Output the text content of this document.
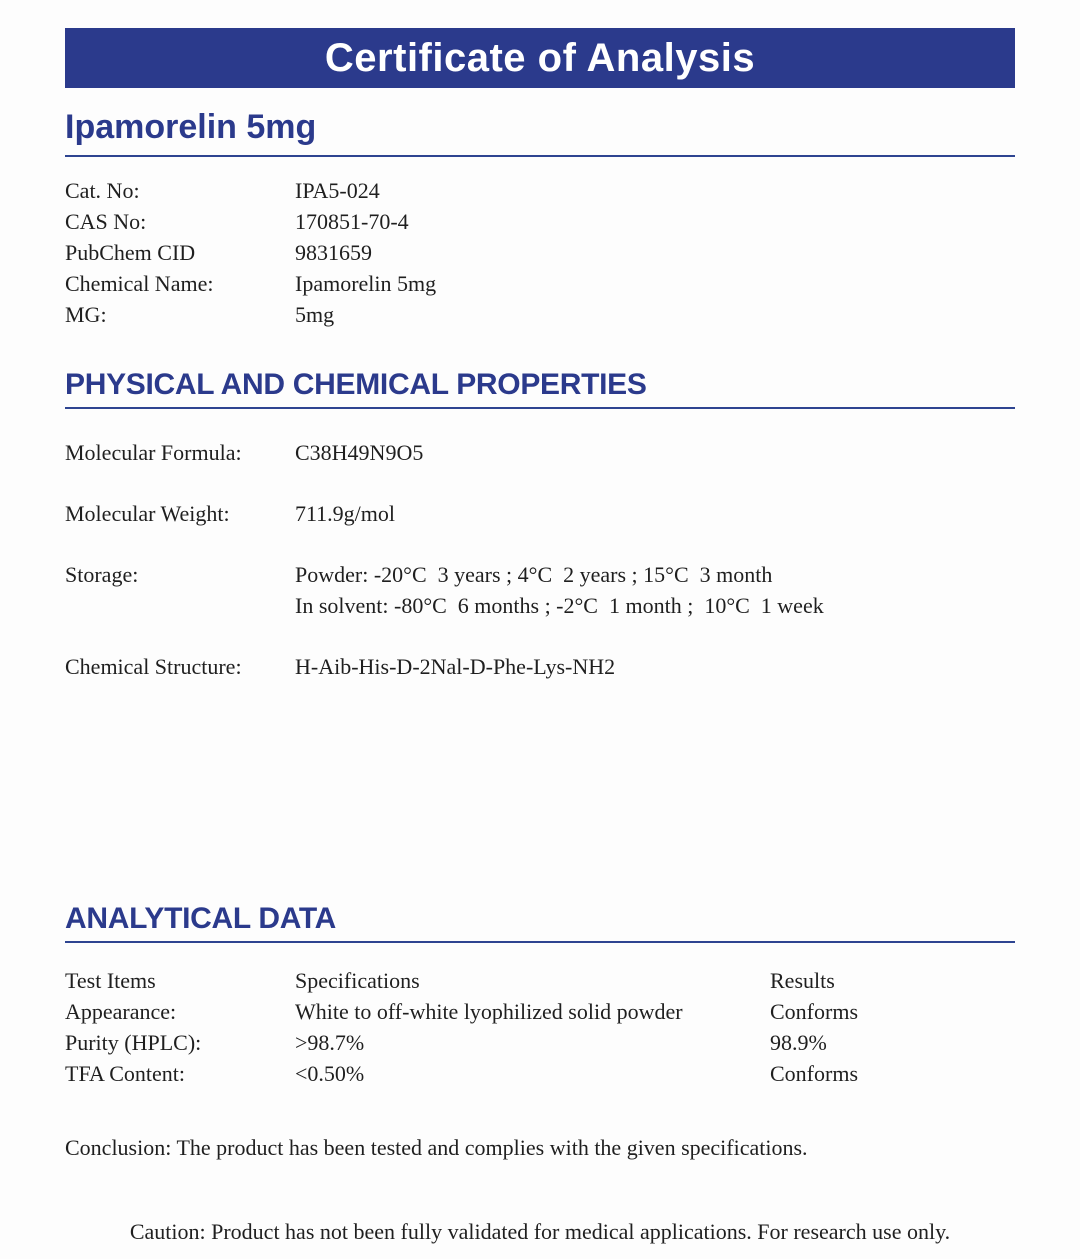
Certificate of Analysis
Ipamorelin 5mg
Cat. No:	IPA5-024
CAS No:	170851-70-4
PubChem CID	9831659
Chemical Name:	Ipamorelin 5mg
MG:	5mg
PHYSICAL AND CHEMICAL PROPERTIES
Molecular Formula:	C38H49N9O5
Molecular Weight:	711.9g/mol
Storage:	Powder: -20°C  3 years ; 4°C  2 years ; 15°C  3 month
In solvent: -80°C  6 months ; -2°C  1 month ;  10°C  1 week
Chemical Structure:	H-Aib-His-D-2Nal-D-Phe-Lys-NH2
ANALYTICAL DATA
Test Items	Specifications	Results
Appearance:	White to off-white lyophilized solid powder	Conforms
Purity (HPLC):	>98.7%	98.9%
TFA Content:	<0.50%	Conforms

Conclusion: The product has been tested and complies with the given specifications.

Caution: Product has not been fully validated for medical applications. For research use only.
